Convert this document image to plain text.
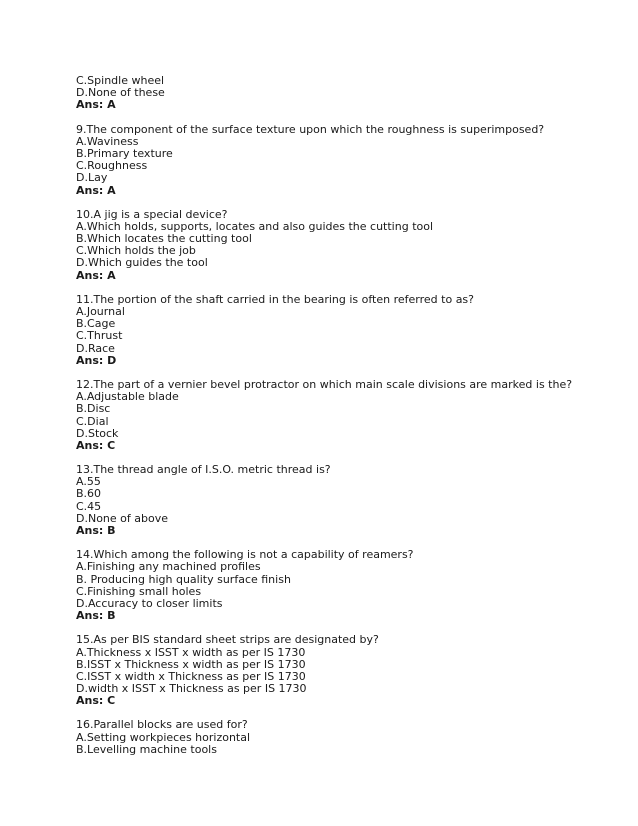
C.Spindle wheel
D.None of these
Ans: A
9.The component of the surface texture upon which the roughness is superimposed?
A.Waviness
B.Primary texture
C.Roughness
D.Lay
Ans: A
10.A jig is a special device?
A.Which holds, supports, locates and also guides the cutting tool
B.Which locates the cutting tool
C.Which holds the job
D.Which guides the tool
Ans: A
11.The portion of the shaft carried in the bearing is often referred to as?
A.Journal
B.Cage
C.Thrust
D.Race
Ans: D
12.The part of a vernier bevel protractor on which main scale divisions are marked is the?
A.Adjustable blade
B.Disc
C.Dial
D.Stock
Ans: C
13.The thread angle of I.S.O. metric thread is?
A.55
B.60
C.45
D.None of above
Ans: B
14.Which among the following is not a capability of reamers?
A.Finishing any machined profiles
B. Producing high quality surface finish
C.Finishing small holes
D.Accuracy to closer limits
Ans: B
15.As per BIS standard sheet strips are designated by?
A.Thickness x ISST x width as per IS 1730
B.ISST x Thickness x width as per IS 1730
C.ISST x width x Thickness as per IS 1730
D.width x ISST x Thickness as per IS 1730
Ans: C
16.Parallel blocks are used for?
A.Setting workpieces horizontal
B.Levelling machine tools
